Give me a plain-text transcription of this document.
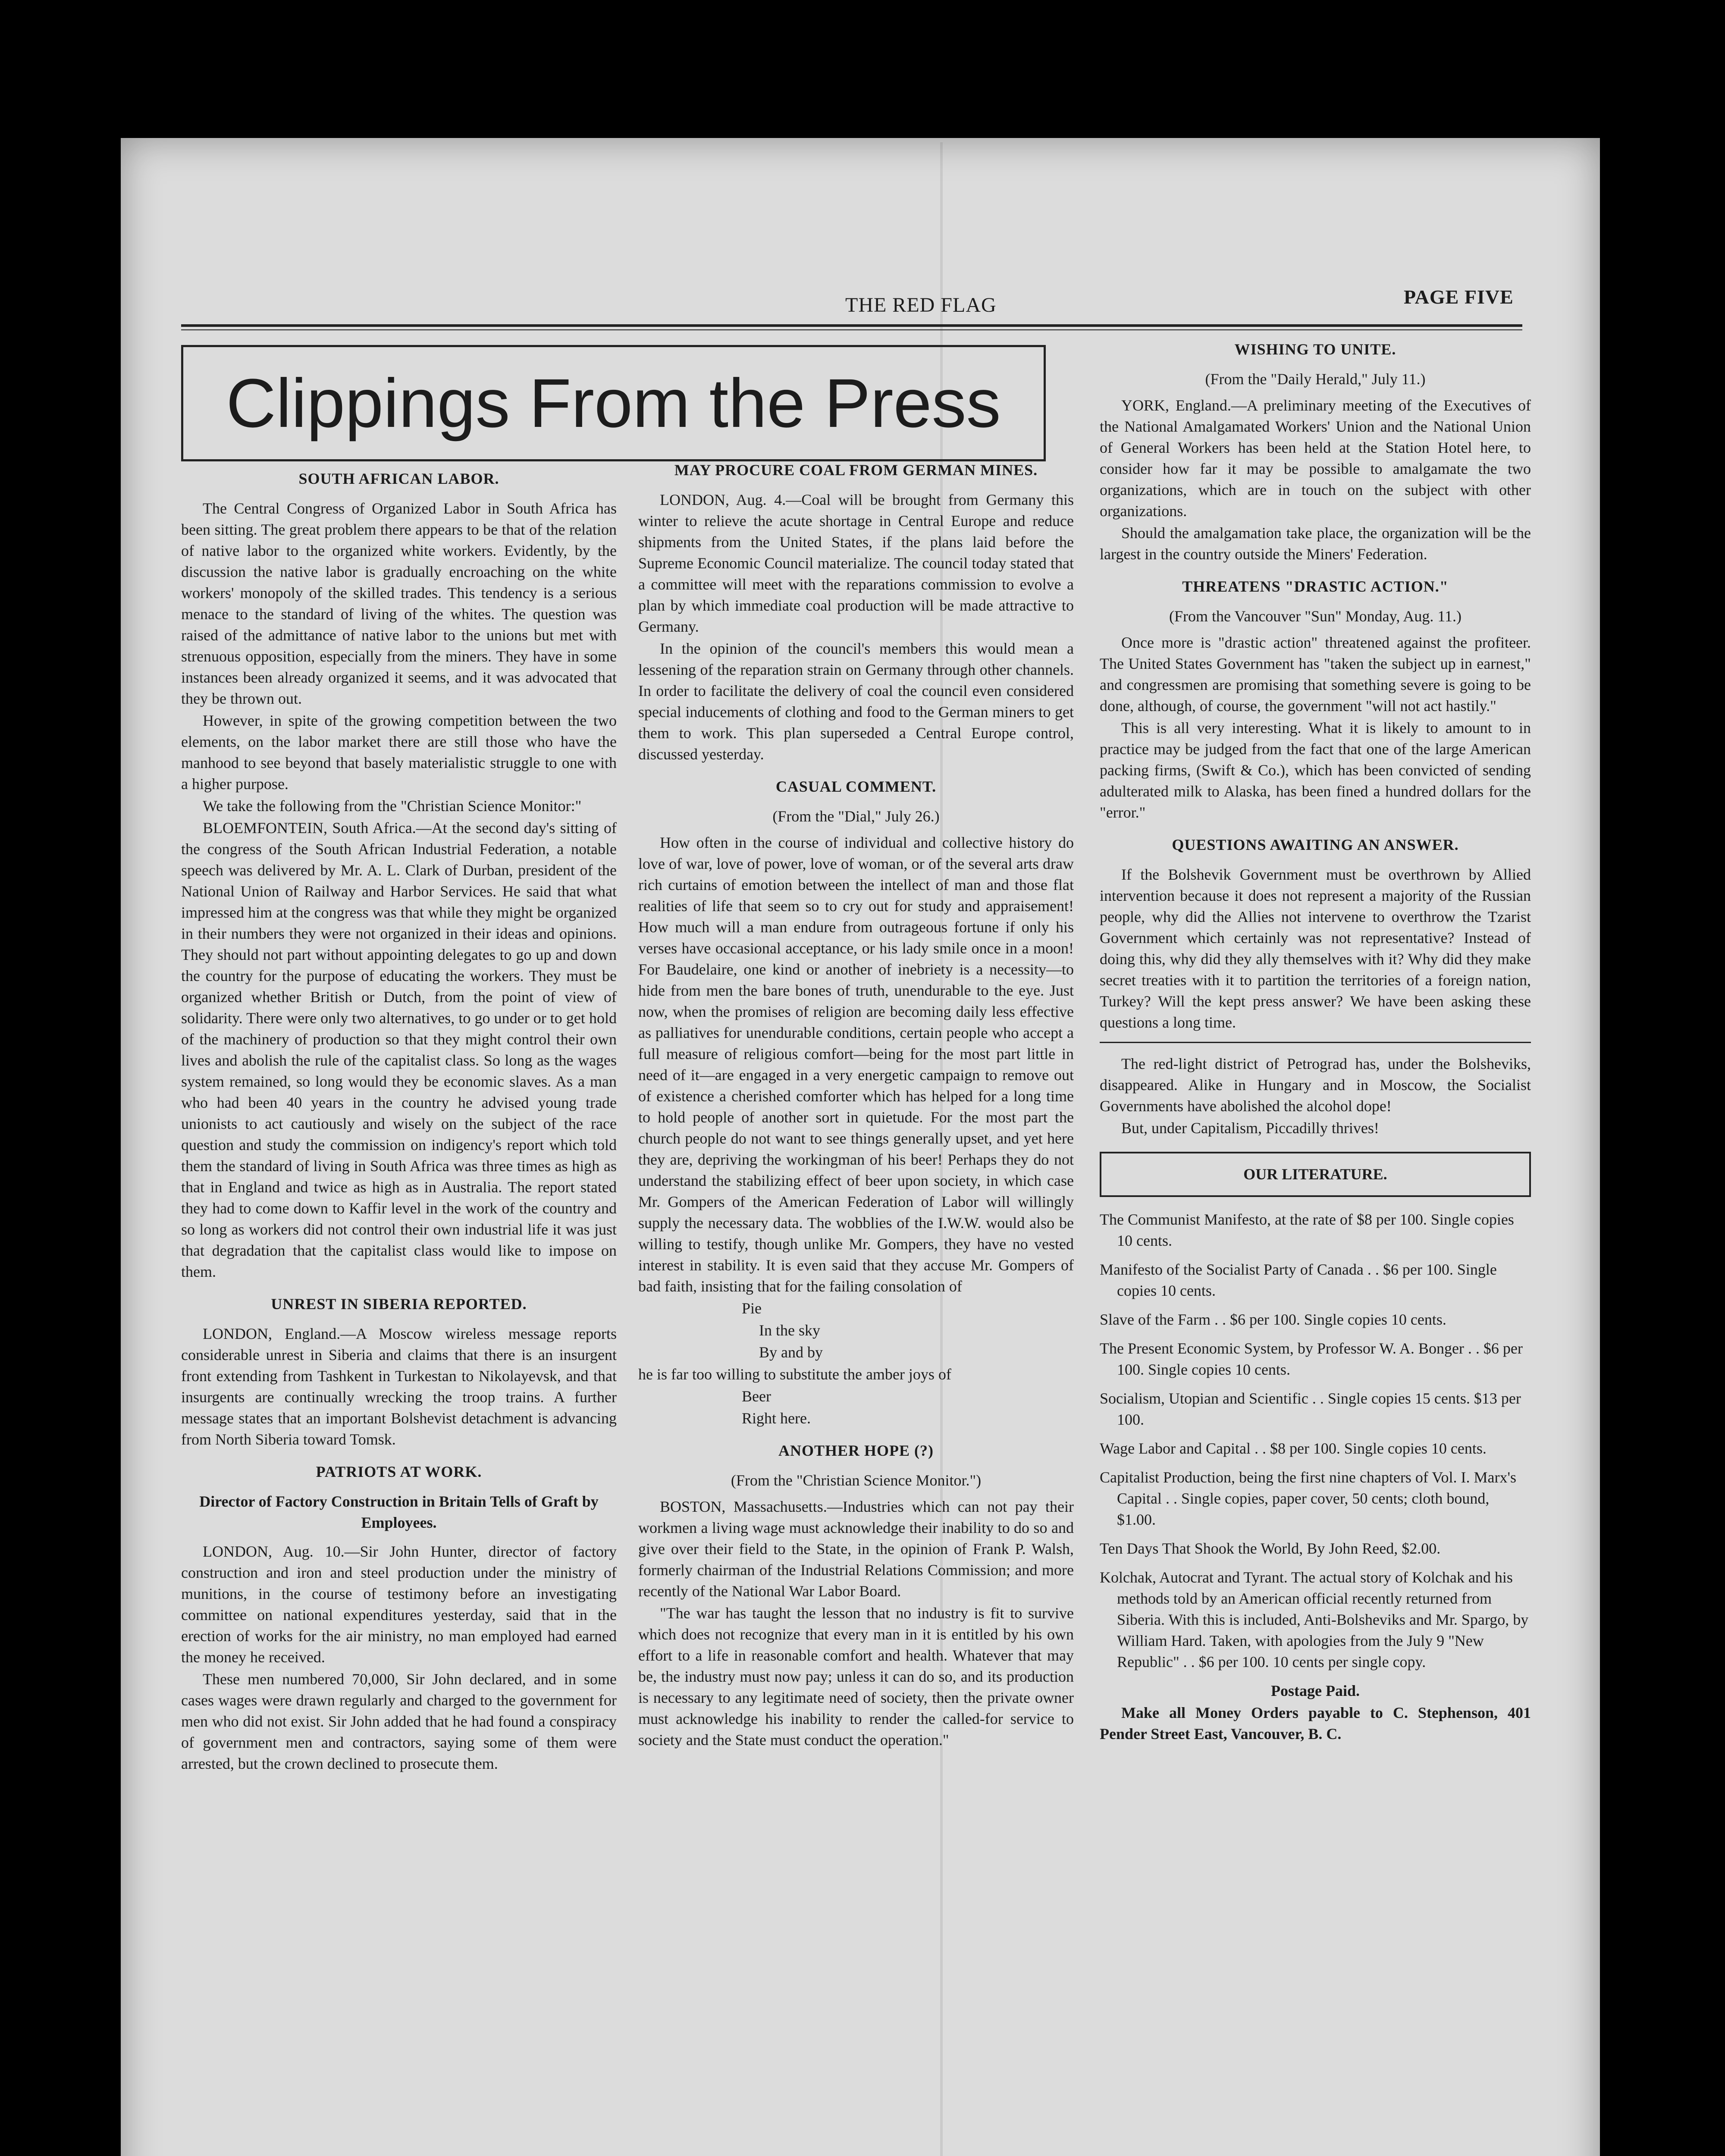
THE RED FLAG	PAGE FIVE
Clippings From the Press
SOUTH AFRICAN LABOR.

The Central Congress of Organized Labor in South Africa has been sitting. The great problem there appears to be that of the relation of native labor to the organized white workers. Evidently, by the discussion the native labor is gradually encroaching on the white workers' monopoly of the skilled trades. This tendency is a serious menace to the standard of living of the whites. The question was raised of the admittance of native labor to the unions but met with strenuous opposition, especially from the miners. They have in some instances been already organized it seems, and it was advocated that they be thrown out.

However, in spite of the growing competition between the two elements, on the labor market there are still those who have the manhood to see beyond that basely materialistic struggle to one with a higher purpose.

We take the following from the "Christian Science Monitor:"

BLOEMFONTEIN, South Africa.—At the second day's sitting of the congress of the South African Industrial Federation, a notable speech was delivered by Mr. A. L. Clark of Durban, president of the National Union of Railway and Harbor Services. He said that what impressed him at the congress was that while they might be organized in their numbers they were not organized in their ideas and opinions. They should not part without appointing delegates to go up and down the country for the purpose of educating the workers. They must be organized whether British or Dutch, from the point of view of solidarity. There were only two alternatives, to go under or to get hold of the machinery of production so that they might control their own lives and abolish the rule of the capitalist class. So long as the wages system remained, so long would they be economic slaves. As a man who had been 40 years in the country he advised young trade unionists to act cautiously and wisely on the subject of the race question and study the commission on indigency's report which told them the standard of living in South Africa was three times as high as that in England and twice as high as in Australia. The report stated they had to come down to Kaffir level in the work of the country and so long as workers did not control their own industrial life it was just that degradation that the capitalist class would like to impose on them.

UNREST IN SIBERIA REPORTED.

LONDON, England.—A Moscow wireless message reports considerable unrest in Siberia and claims that there is an insurgent front extending from Tashkent in Turkestan to Nikolayevsk, and that insurgents are continually wrecking the troop trains. A further message states that an important Bolshevist detachment is advancing from North Siberia toward Tomsk.

PATRIOTS AT WORK.
Director of Factory Construction in Britain Tells of Graft by Employees.

LONDON, Aug. 10.—Sir John Hunter, director of factory construction and iron and steel production under the ministry of munitions, in the course of testimony before an investigating committee on national expenditures yesterday, said that in the erection of works for the air ministry, no man employed had earned the money he received.

These men numbered 70,000, Sir John declared, and in some cases wages were drawn regularly and charged to the government for men who did not exist. Sir John added that he had found a conspiracy of government men and contractors, saying some of them were arrested, but the crown declined to prosecute them.

MAY PROCURE COAL FROM GERMAN MINES.

LONDON, Aug. 4.—Coal will be brought from Germany this winter to relieve the acute shortage in Central Europe and reduce shipments from the United States, if the plans laid before the Supreme Economic Council materialize. The council today stated that a committee will meet with the reparations commission to evolve a plan by which immediate coal production will be made attractive to Germany.

In the opinion of the council's members this would mean a lessening of the reparation strain on Germany through other channels. In order to facilitate the delivery of coal the council even considered special inducements of clothing and food to the German miners to get them to work. This plan superseded a Central Europe control, discussed yesterday.

CASUAL COMMENT.

(From the "Dial," July 26.)

How often in the course of individual and collective history do love of war, love of power, love of woman, or of the several arts draw rich curtains of emotion between the intellect of man and those flat realities of life that seem so to cry out for study and appraisement! How much will a man endure from outrageous fortune if only his verses have occasional acceptance, or his lady smile once in a moon! For Baudelaire, one kind or another of inebriety is a necessity—to hide from men the bare bones of truth, unendurable to the eye. Just now, when the promises of religion are becoming daily less effective as palliatives for unendurable conditions, certain people who accept a full measure of religious comfort—being for the most part little in need of it—are engaged in a very energetic campaign to remove out of existence a cherished comforter which has helped for a long time to hold people of another sort in quietude. For the most part the church people do not want to see things generally upset, and yet here they are, depriving the workingman of his beer! Perhaps they do not understand the stabilizing effect of beer upon society, in which case Mr. Gompers of the American Federation of Labor will willingly supply the necessary data. The wobblies of the I.W.W. would also be willing to testify, though unlike Mr. Gompers, they have no vested interest in stability. It is even said that they accuse Mr. Gompers of bad faith, insisting that for the failing consolation of

Pie

In the sky

By and by

he is far too willing to substitute the amber joys of

Beer

Right here.

ANOTHER HOPE (?)

(From the "Christian Science Monitor.")

BOSTON, Massachusetts.—Industries which can not pay their workmen a living wage must acknowledge their inability to do so and give over their field to the State, in the opinion of Frank P. Walsh, formerly chairman of the Industrial Relations Commission; and more recently of the National War Labor Board.

"The war has taught the lesson that no industry is fit to survive which does not recognize that every man in it is entitled by his own effort to a life in reasonable comfort and health. Whatever that may be, the industry must now pay; unless it can do so, and its production is necessary to any legitimate need of society, then the private owner must acknowledge his inability to render the called-for service to society and the State must conduct the operation."

WISHING TO UNITE.

(From the "Daily Herald," July 11.)

YORK, England.—A preliminary meeting of the Executives of the National Amalgamated Workers' Union and the National Union of General Workers has been held at the Station Hotel here, to consider how far it may be possible to amalgamate the two organizations, which are in touch on the subject with other organizations.

Should the amalgamation take place, the organization will be the largest in the country outside the Miners' Federation.

THREATENS "DRASTIC ACTION."

(From the Vancouver "Sun" Monday, Aug. 11.)

Once more is "drastic action" threatened against the profiteer. The United States Government has "taken the subject up in earnest," and congressmen are promising that something severe is going to be done, although, of course, the government "will not act hastily."

This is all very interesting. What it is likely to amount to in practice may be judged from the fact that one of the large American packing firms, (Swift & Co.), which has been convicted of sending adulterated milk to Alaska, has been fined a hundred dollars for the "error."

QUESTIONS AWAITING AN ANSWER.

If the Bolshevik Government must be overthrown by Allied intervention because it does not represent a majority of the Russian people, why did the Allies not intervene to overthrow the Tzarist Government which certainly was not representative? Instead of doing this, why did they ally themselves with it? Why did they make secret treaties with it to partition the territories of a foreign nation, Turkey? Will the kept press answer? We have been asking these questions a long time.

The red-light district of Petrograd has, under the Bolsheviks, disappeared. Alike in Hungary and in Moscow, the Socialist Governments have abolished the alcohol dope!

But, under Capitalism, Piccadilly thrives!

OUR LITERATURE.

The Communist Manifesto, at the rate of $8 per 100. Single copies 10 cents.

Manifesto of the Socialist Party of Canada . . $6 per 100. Single copies 10 cents.

Slave of the Farm . . $6 per 100. Single copies 10 cents.

The Present Economic System, by Professor W. A. Bonger . . $6 per 100. Single copies 10 cents.

Socialism, Utopian and Scientific . . Single copies 15 cents. $13 per 100.

Wage Labor and Capital . . $8 per 100. Single copies 10 cents.

Capitalist Production, being the first nine chapters of Vol. I. Marx's Capital . . Single copies, paper cover, 50 cents; cloth bound, $1.00.

Ten Days That Shook the World, By John Reed, $2.00.

Kolchak, Autocrat and Tyrant. The actual story of Kolchak and his methods told by an American official recently returned from Siberia. With this is included, Anti-Bolsheviks and Mr. Spargo, by William Hard. Taken, with apologies from the July 9 "New Republic" . . $6 per 100. 10 cents per single copy.

Postage Paid.

Make all Money Orders payable to C. Stephenson, 401 Pender Street East, Vancouver, B. C.
